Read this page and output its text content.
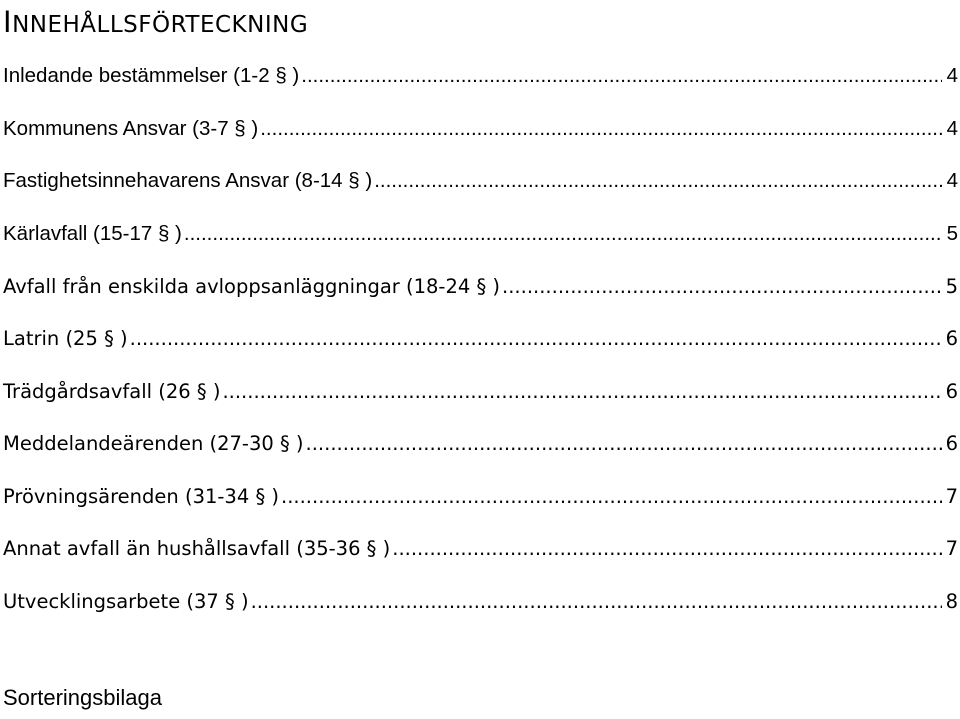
INNEHÅLLSFÖRTECKNING
Inledande bestämmelser (1-2 § ) .....	4
Kommunens Ansvar (3-7 § ) .....	4
Fastighetsinnehavarens Ansvar (8-14 § ) .....	4
Kärlavfall (15-17 § ) .....	5
Avfall från enskilda avloppsanläggningar (18-24 § ) .....	5
Latrin (25 § ) .....	6
Trädgårdsavfall (26 § ) .....	6
Meddelandeärenden (27-30 § ) .....	6
Prövningsärenden (31-34 § ) .....	7
Annat avfall än hushållsavfall (35-36 § ) .....	7
Utvecklingsarbete (37 § ) .....	8
Sorteringsbilaga
